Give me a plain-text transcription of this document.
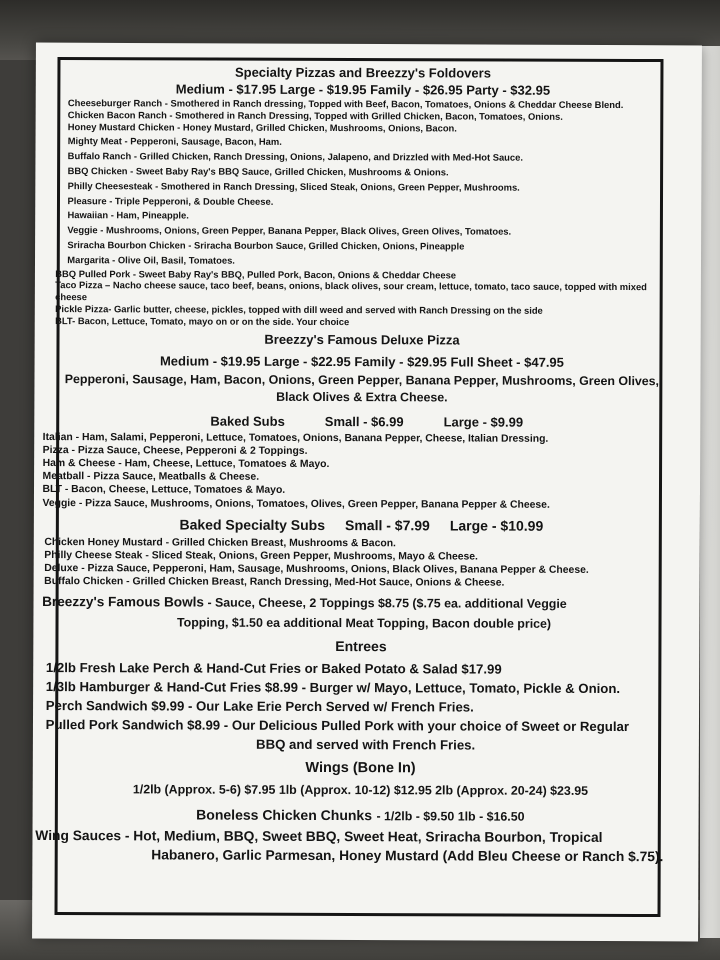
Specialty Pizzas and Breezzy's Foldovers
Medium - $17.95 Large - $19.95 Family - $26.95 Party - $32.95
Cheeseburger Ranch - Smothered in Ranch dressing, Topped with Beef, Bacon, Tomatoes, Onions & Cheddar Cheese Blend.
Chicken Bacon Ranch - Smothered in Ranch Dressing, Topped with Grilled Chicken, Bacon, Tomatoes, Onions.
Honey Mustard Chicken - Honey Mustard, Grilled Chicken, Mushrooms, Onions, Bacon.
Mighty Meat - Pepperoni, Sausage, Bacon, Ham.
Buffalo Ranch - Grilled Chicken, Ranch Dressing, Onions, Jalapeno, and Drizzled with Med-Hot Sauce.
BBQ Chicken - Sweet Baby Ray's BBQ Sauce, Grilled Chicken, Mushrooms & Onions.
Philly Cheesesteak - Smothered in Ranch Dressing, Sliced Steak, Onions, Green Pepper, Mushrooms.
Pleasure - Triple Pepperoni, & Double Cheese.
Hawaiian - Ham, Pineapple.
Veggie - Mushrooms, Onions, Green Pepper, Banana Pepper, Black Olives, Green Olives, Tomatoes.
Sriracha Bourbon Chicken - Sriracha Bourbon Sauce, Grilled Chicken, Onions, Pineapple
Margarita - Olive Oil, Basil, Tomatoes.
BBQ Pulled Pork - Sweet Baby Ray's BBQ, Pulled Pork, Bacon, Onions & Cheddar Cheese
Taco Pizza – Nacho cheese sauce, taco beef, beans, onions, black olives, sour cream, lettuce, tomato, taco sauce, topped with mixed cheese
Pickle Pizza- Garlic butter, cheese, pickles, topped with dill weed and served with Ranch Dressing on the side
BLT- Bacon, Lettuce, Tomato, mayo on or on the side. Your choice
Breezzy's Famous Deluxe Pizza
Medium - $19.95 Large - $22.95 Family - $29.95 Full Sheet - $47.95
Pepperoni, Sausage, Ham, Bacon, Onions, Green Pepper, Banana Pepper, Mushrooms, Green Olives, Black Olives & Extra Cheese.
Baked Subs	Small - $6.99	Large - $9.99
Italian - Ham, Salami, Pepperoni, Lettuce, Tomatoes, Onions, Banana Pepper, Cheese, Italian Dressing.
Pizza - Pizza Sauce, Cheese, Pepperoni & 2 Toppings.
Ham & Cheese - Ham, Cheese, Lettuce, Tomatoes & Mayo.
Meatball - Pizza Sauce, Meatballs & Cheese.
BLT - Bacon, Cheese, Lettuce, Tomatoes & Mayo.
Veggie - Pizza Sauce, Mushrooms, Onions, Tomatoes, Olives, Green Pepper, Banana Pepper & Cheese.
Baked Specialty Subs Small - $7.99 Large - $10.99
Chicken Honey Mustard - Grilled Chicken Breast, Mushrooms & Bacon.
Philly Cheese Steak - Sliced Steak, Onions, Green Pepper, Mushrooms, Mayo & Cheese.
Deluxe - Pizza Sauce, Pepperoni, Ham, Sausage, Mushrooms, Onions, Black Olives, Banana Pepper & Cheese.
Buffalo Chicken - Grilled Chicken Breast, Ranch Dressing, Med-Hot Sauce, Onions & Cheese.
Breezzy's Famous Bowls - Sauce, Cheese, 2 Toppings $8.75 ($.75 ea. additional Veggie
Topping, $1.50 ea additional Meat Topping, Bacon double price)
Entrees
1/2lb Fresh Lake Perch & Hand-Cut Fries or Baked Potato & Salad $17.99
1/3lb Hamburger & Hand-Cut Fries $8.99 - Burger w/ Mayo, Lettuce, Tomato, Pickle & Onion.
Perch Sandwich $9.99 - Our Lake Erie Perch Served w/ French Fries.
Pulled Pork Sandwich $8.99 - Our Delicious Pulled Pork with your choice of Sweet or Regular
BBQ and served with French Fries.
Wings (Bone In)
1/2lb (Approx. 5-6) $7.95 1lb (Approx. 10-12) $12.95 2lb (Approx. 20-24) $23.95
Boneless Chicken Chunks - 1/2lb - $9.50 1lb - $16.50
Wing Sauces - Hot, Medium, BBQ, Sweet BBQ, Sweet Heat, Sriracha Bourbon, Tropical
Habanero, Garlic Parmesan, Honey Mustard (Add Bleu Cheese or Ranch $.75).
